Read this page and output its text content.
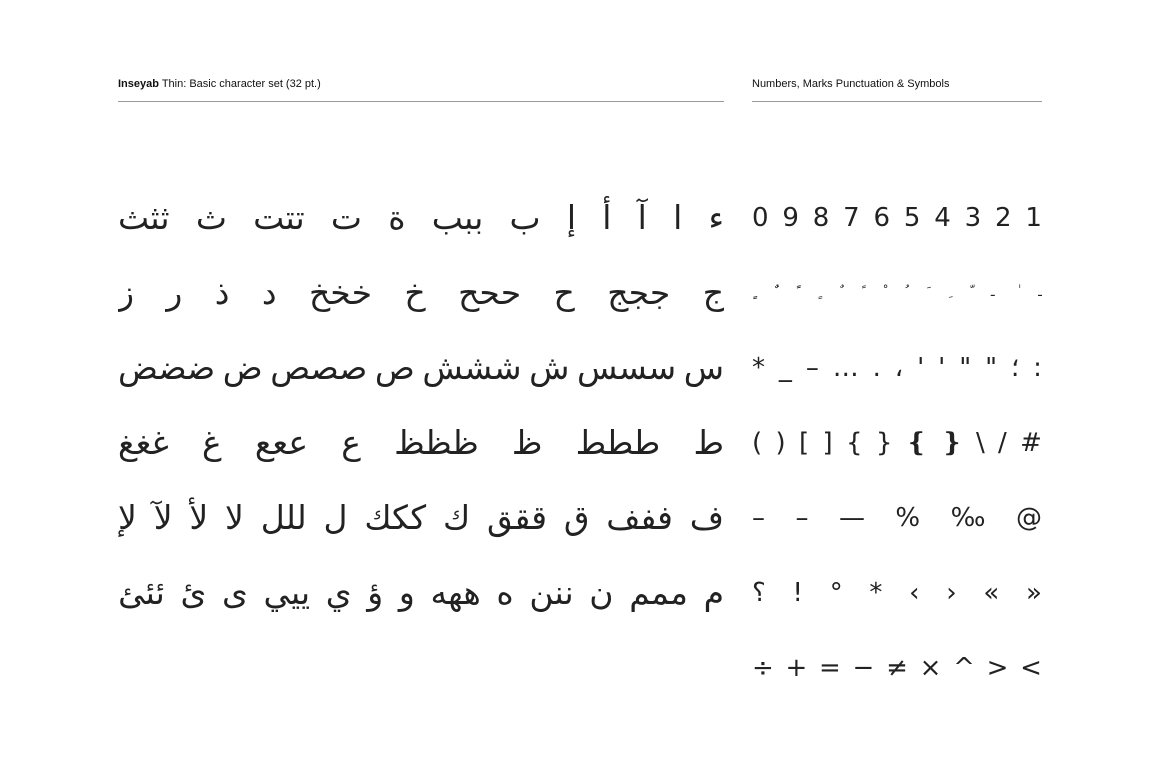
Inseyab Thin: Basic character set (32 pt.)	Numbers, Marks Punctuation & Symbols
ء
ا
آ
أ
إ
ب
ببب
ة
ت
تتت
ث
ثثث
ج
ججج
ح
ححح
خ
خخخ
د
ذ
ر
ز
س
سسس
ش
ششش
ص
صصص
ض
ضضض
ط
ططط
ظ
ظظظ
ع
ععع
غ
غغغ
ف
ففف
ق
ققق
ك
ككك
ل
للل
لا
لأ
لآ
لإ
م
ممم
ن
ننن
ه
ههه
و
ؤ
ي
ييي
ى
ئ
ئئئ
0 9 8 7 6 5 4 3 2 1
ـ	ـ
* _ – … . ، ' ' " " ؛ :
( ) [ ] { } ❴ ❵ \ / #
– – — % ‰ @
؟ ! ° * ‹ › « »
÷ + = − ≠ × ^ > <
